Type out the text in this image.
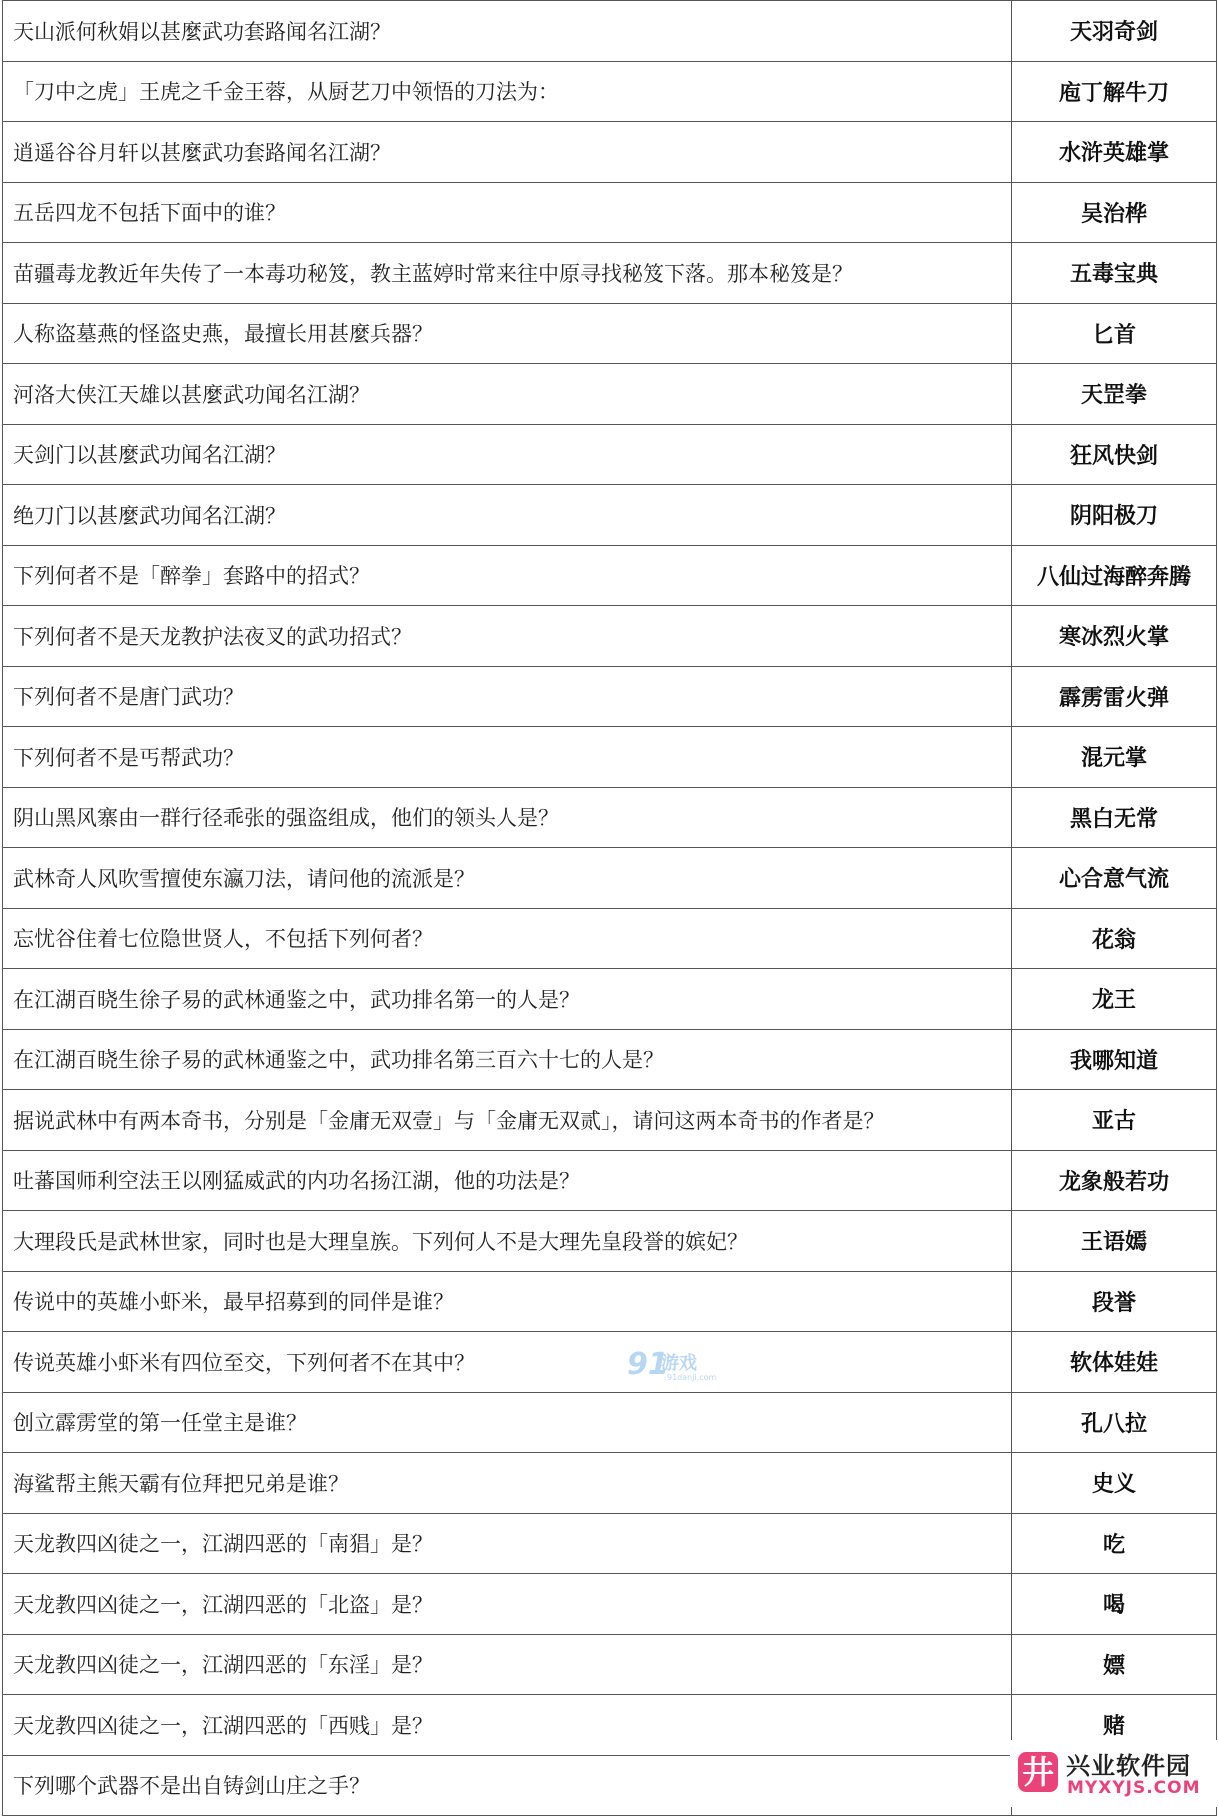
天山派何秋娟以甚麼武功套路闻名江湖？	天羽奇剑
「刀中之虎」王虎之千金王蓉，从厨艺刀中领悟的刀法为：	庖丁解牛刀
逍遥谷谷月轩以甚麼武功套路闻名江湖？	水浒英雄掌
五岳四龙不包括下面中的谁？	吴治桦
苗疆毒龙教近年失传了一本毒功秘笈，教主蓝婷时常来往中原寻找秘笈下落。那本秘笈是？	五毒宝典
人称盗墓燕的怪盗史燕，最擅长用甚麼兵器？	匕首
河洛大侠江天雄以甚麼武功闻名江湖？	天罡拳
天剑门以甚麼武功闻名江湖？	狂风快剑
绝刀门以甚麼武功闻名江湖？	阴阳极刀
下列何者不是「醉拳」套路中的招式？	八仙过海醉奔腾
下列何者不是天龙教护法夜叉的武功招式？	寒冰烈火掌
下列何者不是唐门武功？	霹雳雷火弹
下列何者不是丐帮武功？	混元掌
阴山黑风寨由一群行径乖张的强盗组成，他们的领头人是？	黑白无常
武林奇人风吹雪擅使东瀛刀法，请问他的流派是？	心合意气流
忘忧谷住着七位隐世贤人，不包括下列何者？	花翁
在江湖百晓生徐子易的武林通鉴之中，武功排名第一的人是？	龙王
在江湖百晓生徐子易的武林通鉴之中，武功排名第三百六十七的人是？	我哪知道
据说武林中有两本奇书，分别是「金庸无双壹」与「金庸无双贰」，请问这两本奇书的作者是？	亚古
吐蕃国师利空法王以刚猛威武的内功名扬江湖，他的功法是？	龙象般若功
大理段氏是武林世家，同时也是大理皇族。下列何人不是大理先皇段誉的嫔妃？	王语嫣
传说中的英雄小虾米，最早招募到的同伴是谁？	段誉
传说英雄小虾米有四位至交，下列何者不在其中？	软体娃娃
创立霹雳堂的第一任堂主是谁？	孔八拉
海鲨帮主熊天霸有位拜把兄弟是谁？	史义
天龙教四凶徒之一，江湖四恶的「南猖」是？	吃
天龙教四凶徒之一，江湖四恶的「北盗」是？	喝
天龙教四凶徒之一，江湖四恶的「东淫」是？	嫖
天龙教四凶徒之一，江湖四恶的「西贱」是？	赌
下列哪个武器不是出自铸剑山庄之手？	
91
游戏
91danji.com
井 兴业软件园
MYXYJS.COM
